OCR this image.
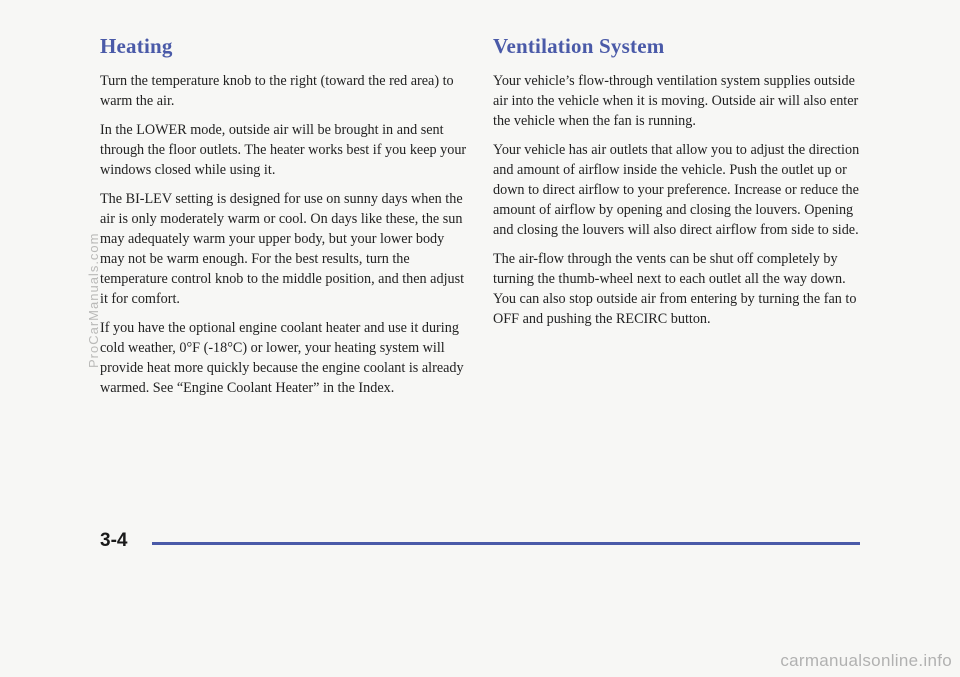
Heating

Turn the temperature knob to the right (toward the red area) to warm the air.

In the LOWER mode, outside air will be brought in and sent through the floor outlets. The heater works best if you keep your windows closed while using it.

The BI-LEV setting is designed for use on sunny days when the air is only moderately warm or cool. On days like these, the sun may adequately warm your upper body, but your lower body may not be warm enough. For the best results, turn the temperature control knob to the middle position, and then adjust it for comfort.

If you have the optional engine coolant heater and use it during cold weather, 0°F (-18°C) or lower, your heating system will provide heat more quickly because the engine coolant is already warmed. See “Engine Coolant Heater” in the Index.

Ventilation System

Your vehicle’s flow-through ventilation system supplies outside air into the vehicle when it is moving. Outside air will also enter the vehicle when the fan is running.

Your vehicle has air outlets that allow you to adjust the direction and amount of airflow inside the vehicle. Push the outlet up or down to direct airflow to your preference. Increase or reduce the amount of airflow by opening and closing the louvers. Opening and closing the louvers will also direct airflow from side to side.

The air-flow through the vents can be shut off completely by turning the thumb-wheel next to each outlet all the way down. You can also stop outside air from entering by turning the fan to OFF and pushing the RECIRC button.

ProCarManuals.com
3-4
carmanualsonline.info
